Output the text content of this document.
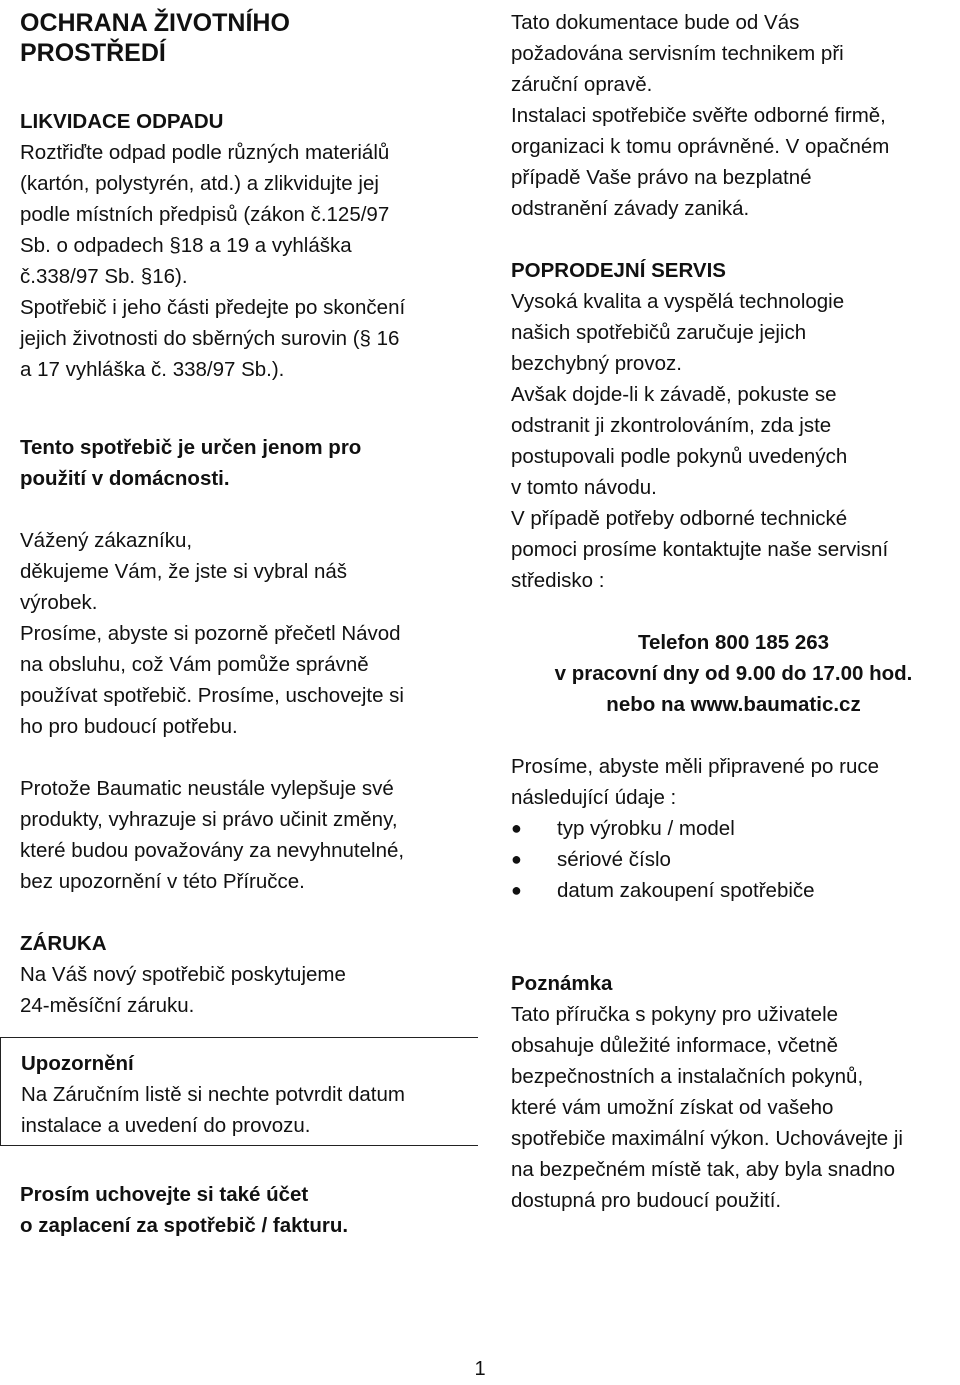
OCHRANA ŽIVOTNÍHO
PROSTŘEDÍ

LIKVIDACE ODPADU

Roztřiďte odpad podle různých materiálů

(kartón, polystyrén, atd.) a zlikvidujte jej

podle místních předpisů (zákon č.125/97

Sb. o odpadech §18 a 19 a vyhláška

č.338/97 Sb. §16).

Spotřebič i jeho části předejte po skončení

jejich životnosti do sběrných surovin (§ 16

a 17 vyhláška č. 338/97 Sb.).

Tento spotřebič je určen jenom pro

použití v domácnosti.

Vážený zákazníku,

děkujeme Vám, že jste si vybral náš

výrobek.

Prosíme, abyste si pozorně přečetl Návod

na obsluhu, což Vám pomůže správně

používat spotřebič. Prosíme, uschovejte si

ho pro budoucí potřebu.

Protože Baumatic neustále vylepšuje své

produkty, vyhrazuje si právo učinit změny,

které budou považovány za nevyhnutelné,

bez upozornění v této Příručce.

ZÁRUKA

Na Váš nový spotřebič poskytujeme

24-měsíční záruku.

Upozornění

Na Záručním listě si nechte potvrdit datum

instalace a uvedení do provozu.

Prosím uchovejte si také účet

o zaplacení za spotřebič / fakturu.

Tato dokumentace bude od Vás

požadována servisním technikem při

záruční opravě.

Instalaci spotřebiče svěřte odborné firmě,

organizaci k tomu oprávněné. V opačném

případě Vaše právo na bezplatné

odstranění závady zaniká.

POPRODEJNÍ SERVIS

Vysoká kvalita a vyspělá technologie

našich spotřebičů zaručuje jejich

bezchybný provoz.

Avšak dojde-li k závadě, pokuste se

odstranit ji zkontrolováním, zda jste

postupovali podle pokynů uvedených

v tomto návodu.

V případě potřeby odborné technické

pomoci prosíme kontaktujte naše servisní

středisko :

Telefon 800 185 263

v pracovní dny od 9.00 do 17.00 hod.

nebo na www.baumatic.cz

Prosíme, abyste měli připravené po ruce

následující údaje :

● typ výrobku / model
● sériové číslo
● datum zakoupení spotřebiče

Poznámka

Tato příručka s pokyny pro uživatele

obsahuje důležité informace, včetně

bezpečnostních a instalačních pokynů,

které vám umožní získat od vašeho

spotřebiče maximální výkon. Uchovávejte ji

na bezpečném místě tak, aby byla snadno

dostupná pro budoucí použití.

1
